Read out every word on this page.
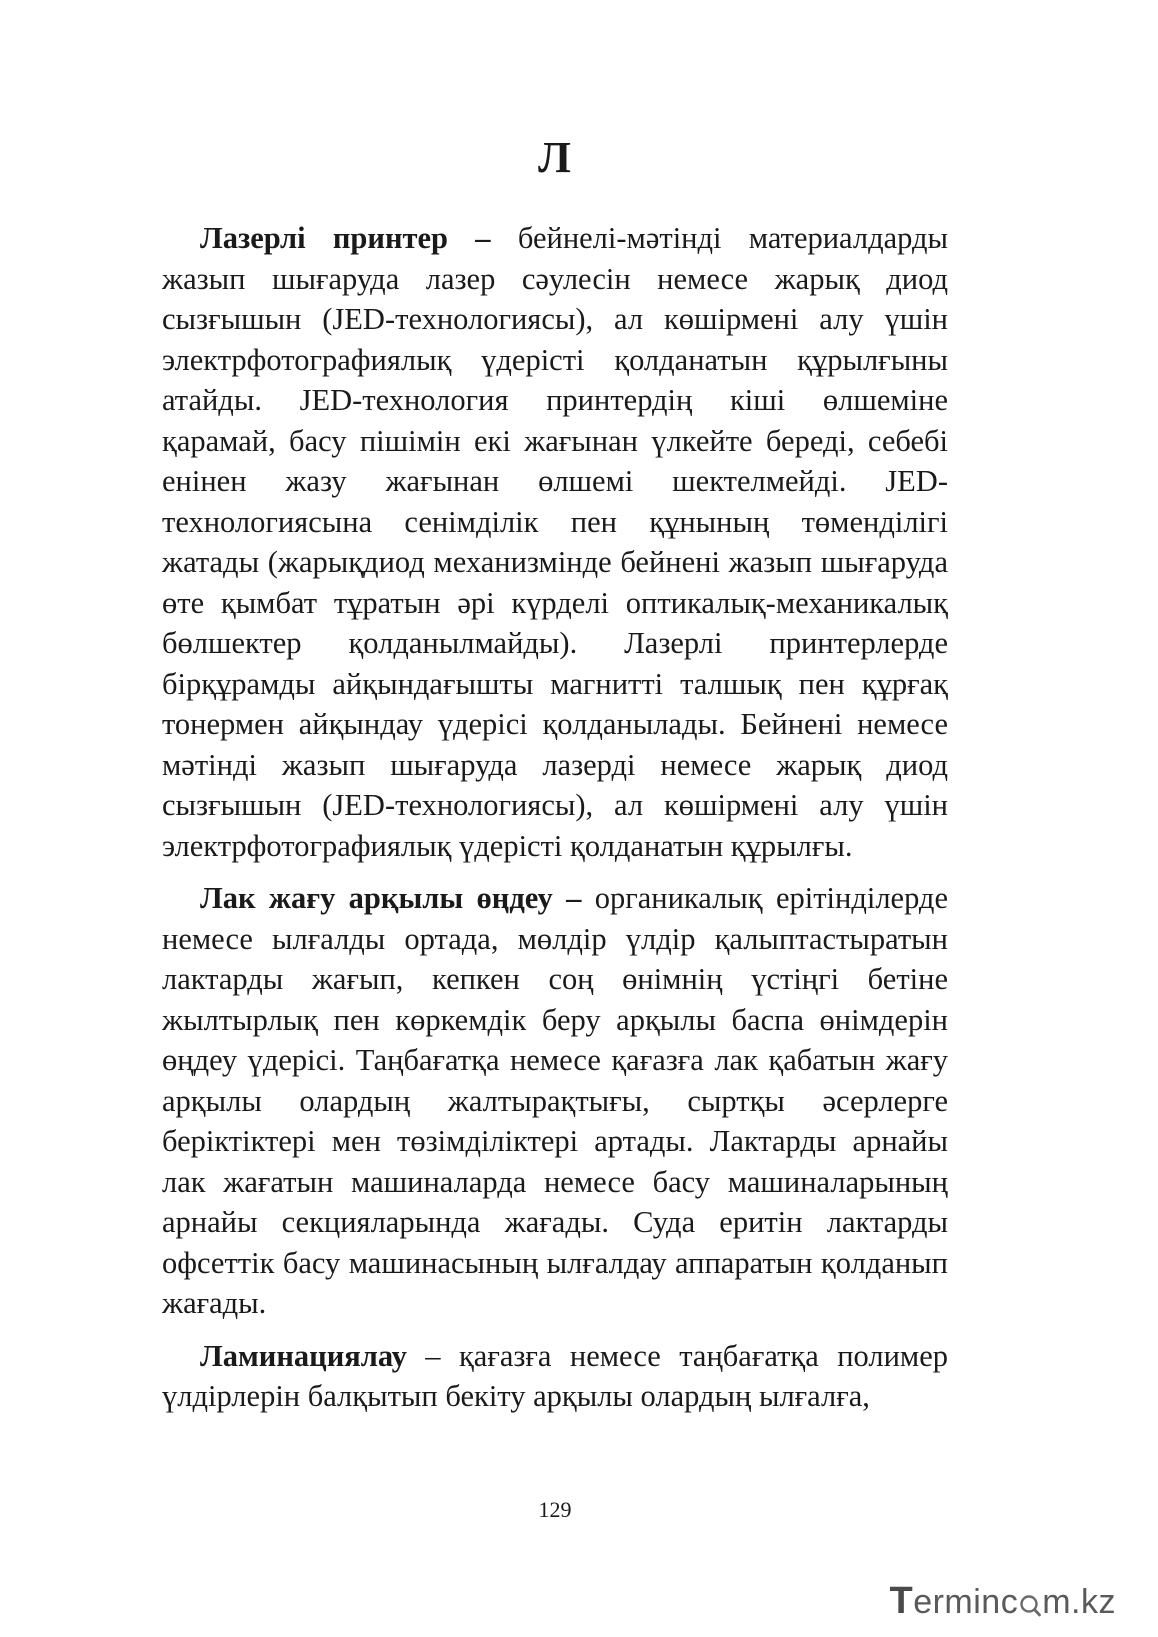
Л

Лазерлі принтер – бейнелі-мәтінді материалдарды жазып шығаруда лазер сәулесін немесе жарық диод сызғышын (JED-технологиясы), ал көшірмені алу үшін электрфотографиялық үдерісті қолданатын құрылғыны атайды. JED-технология принтердің кіші өлшеміне қарамай, басу пішімін екі жағынан үлкейте береді, себебі енінен жазу жағынан өлшемі шектелмейді. JED-технологиясына сенімділік пен құнының төменділігі жатады (жарықдиод механизмінде бейнені жазып шығаруда өте қымбат тұратын әрі күрделі оптикалық-механикалық бөлшектер қолданылмайды). Лазерлі принтерлерде бірқұрамды айқындағышты магнитті талшық пен құрғақ тонермен айқындау үдерісі қолданылады. Бейнені немесе мәтінді жазып шығаруда лазерді немесе жарық диод сызғышын (JED-технологиясы), ал көшірмені алу үшін электрфотографиялық үдерісті қолданатын құрылғы.

Лак жағу арқылы өңдеу – органикалық ерітінділерде немесе ылғалды ортада, мөлдір үлдір қалыптастыратын лактарды жағып, кепкен соң өнімнің үстіңгі бетіне жылтырлық пен көркемдік беру арқылы баспа өнімдерін өңдеу үдерісі. Таңбағатқа немесе қағазға лак қабатын жағу арқылы олардың жалтырақтығы, сыртқы әсерлерге беріктіктері мен төзімділіктері артады. Лактарды арнайы лак жағатын машиналарда немесе басу машиналарының арнайы секцияларында жағады. Суда еритін лактарды офсеттік басу машинасының ылғалдау аппаратын қолданып жағады.

Ламинациялау – қағазға немесе таңбағатқа полимер үлдірлерін балқытып бекіту арқылы олардың ылғалға,

129
Terminc m.kz
